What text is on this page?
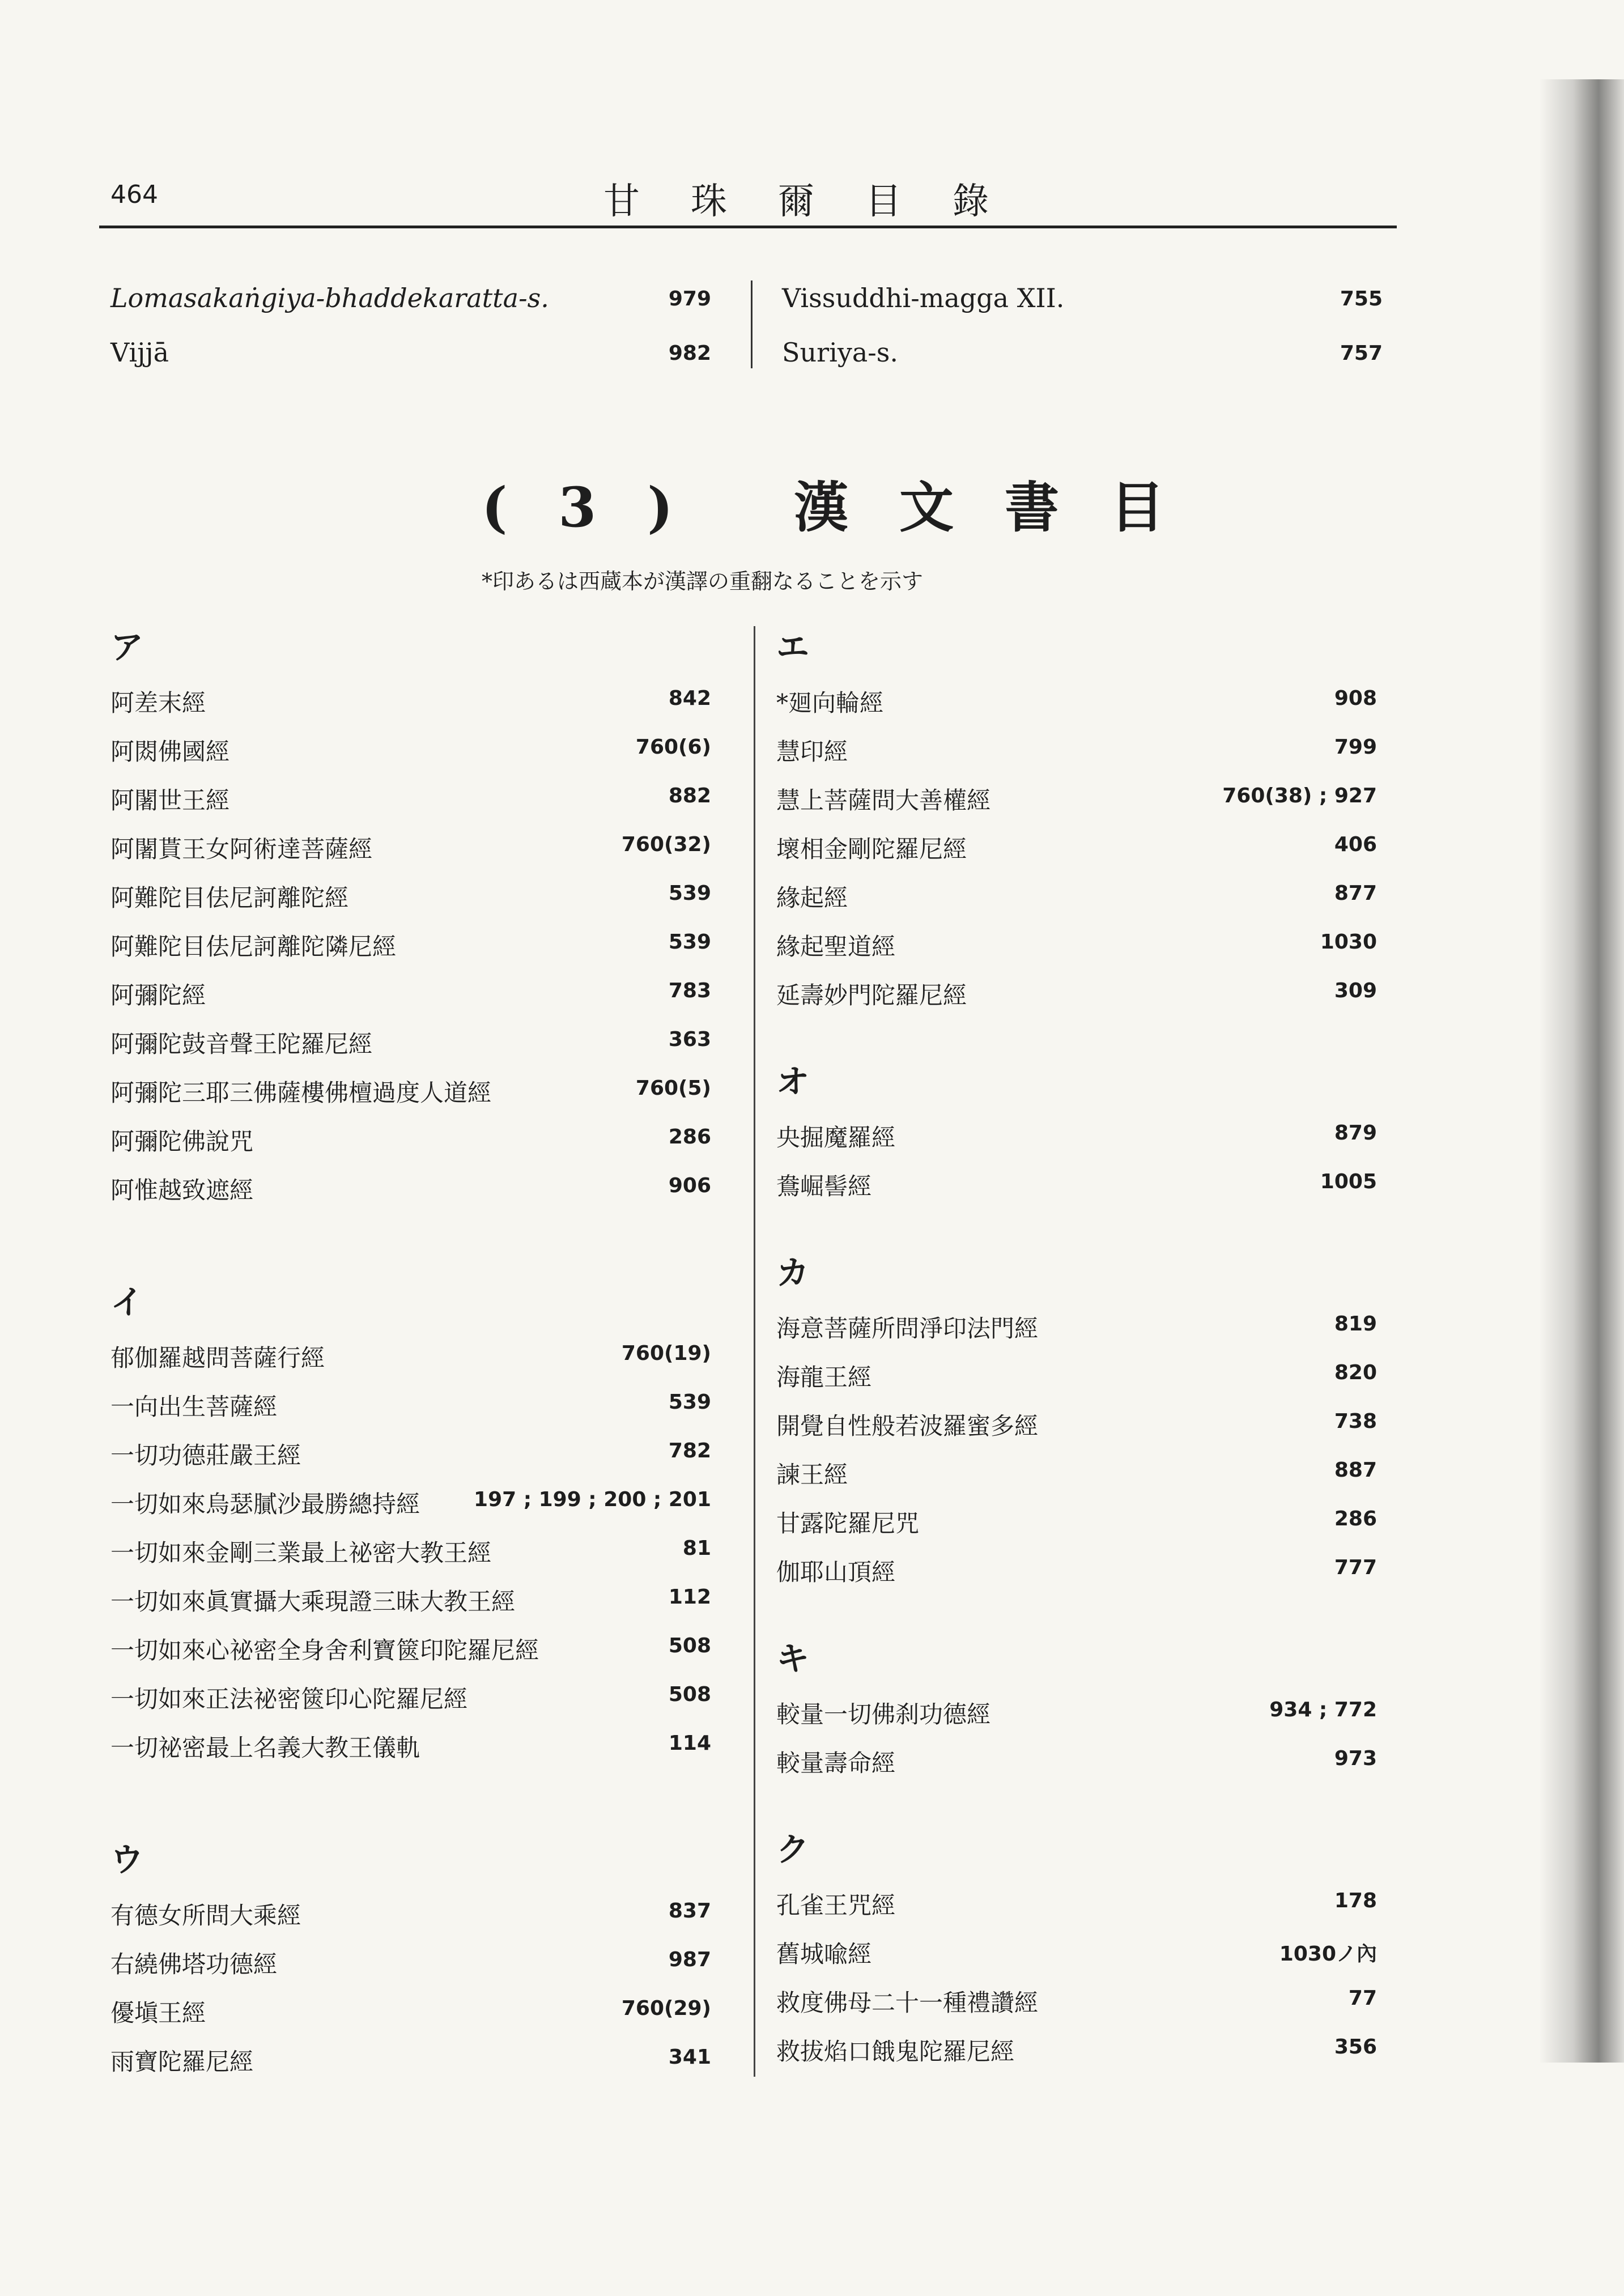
464	甘珠爾目錄
Lomasakaṅgiya-bhaddekaratta-s.	979
Vijjā	982
Vissuddhi-magga XII.	755
Suriya-s.	757
(3) 漢文書目
*印あるは西蔵本が漢譯の重翻なることを示す
ア
阿差末經	842
阿閦佛國經	760(6)
阿闍世王經	882
阿闍貰王女阿術達菩薩經	760(32)
阿難陀目佉尼訶離陀經	539
阿難陀目佉尼訶離陀隣尼經	539
阿彌陀經	783
阿彌陀鼓音聲王陀羅尼經	363
阿彌陀三耶三佛薩樓佛檀過度人道經	760(5)
阿彌陀佛說咒	286
阿惟越致遮經	906
イ
郁伽羅越問菩薩行經	760(19)
一向出生菩薩經	539
一切功德莊嚴王經	782
一切如來烏瑟膩沙最勝總持經	197 ; 199 ; 200 ; 201
一切如來金剛三業最上祕密大教王經	81
一切如來眞實攝大乘現證三昧大教王經	112
一切如來心祕密全身舍利寶篋印陀羅尼經	508
一切如來正法祕密篋印心陀羅尼經	508
一切祕密最上名義大教王儀軌	114
ウ
有德女所問大乘經	837
右繞佛塔功德經	987
優塡王經	760(29)
雨寶陀羅尼經	341
エ
*廻向輪經	908
慧印經	799
慧上菩薩問大善權經	760(38) ; 927
壞相金剛陀羅尼經	406
緣起經	877
緣起聖道經	1030
延壽妙門陀羅尼經	309
オ
央掘魔羅經	879
鴦崛髻經	1005
カ
海意菩薩所問淨印法門經	819
海龍王經	820
開覺自性般若波羅蜜多經	738
諫王經	887
甘露陀羅尼咒	286
伽耶山頂經	777
キ
較量一切佛刹功德經	934 ; 772
較量壽命經	973
ク
孔雀王咒經	178
舊城喩經	1030ノ內
救度佛母二十一種禮讚經	77
救拔焰口餓鬼陀羅尼經	356
